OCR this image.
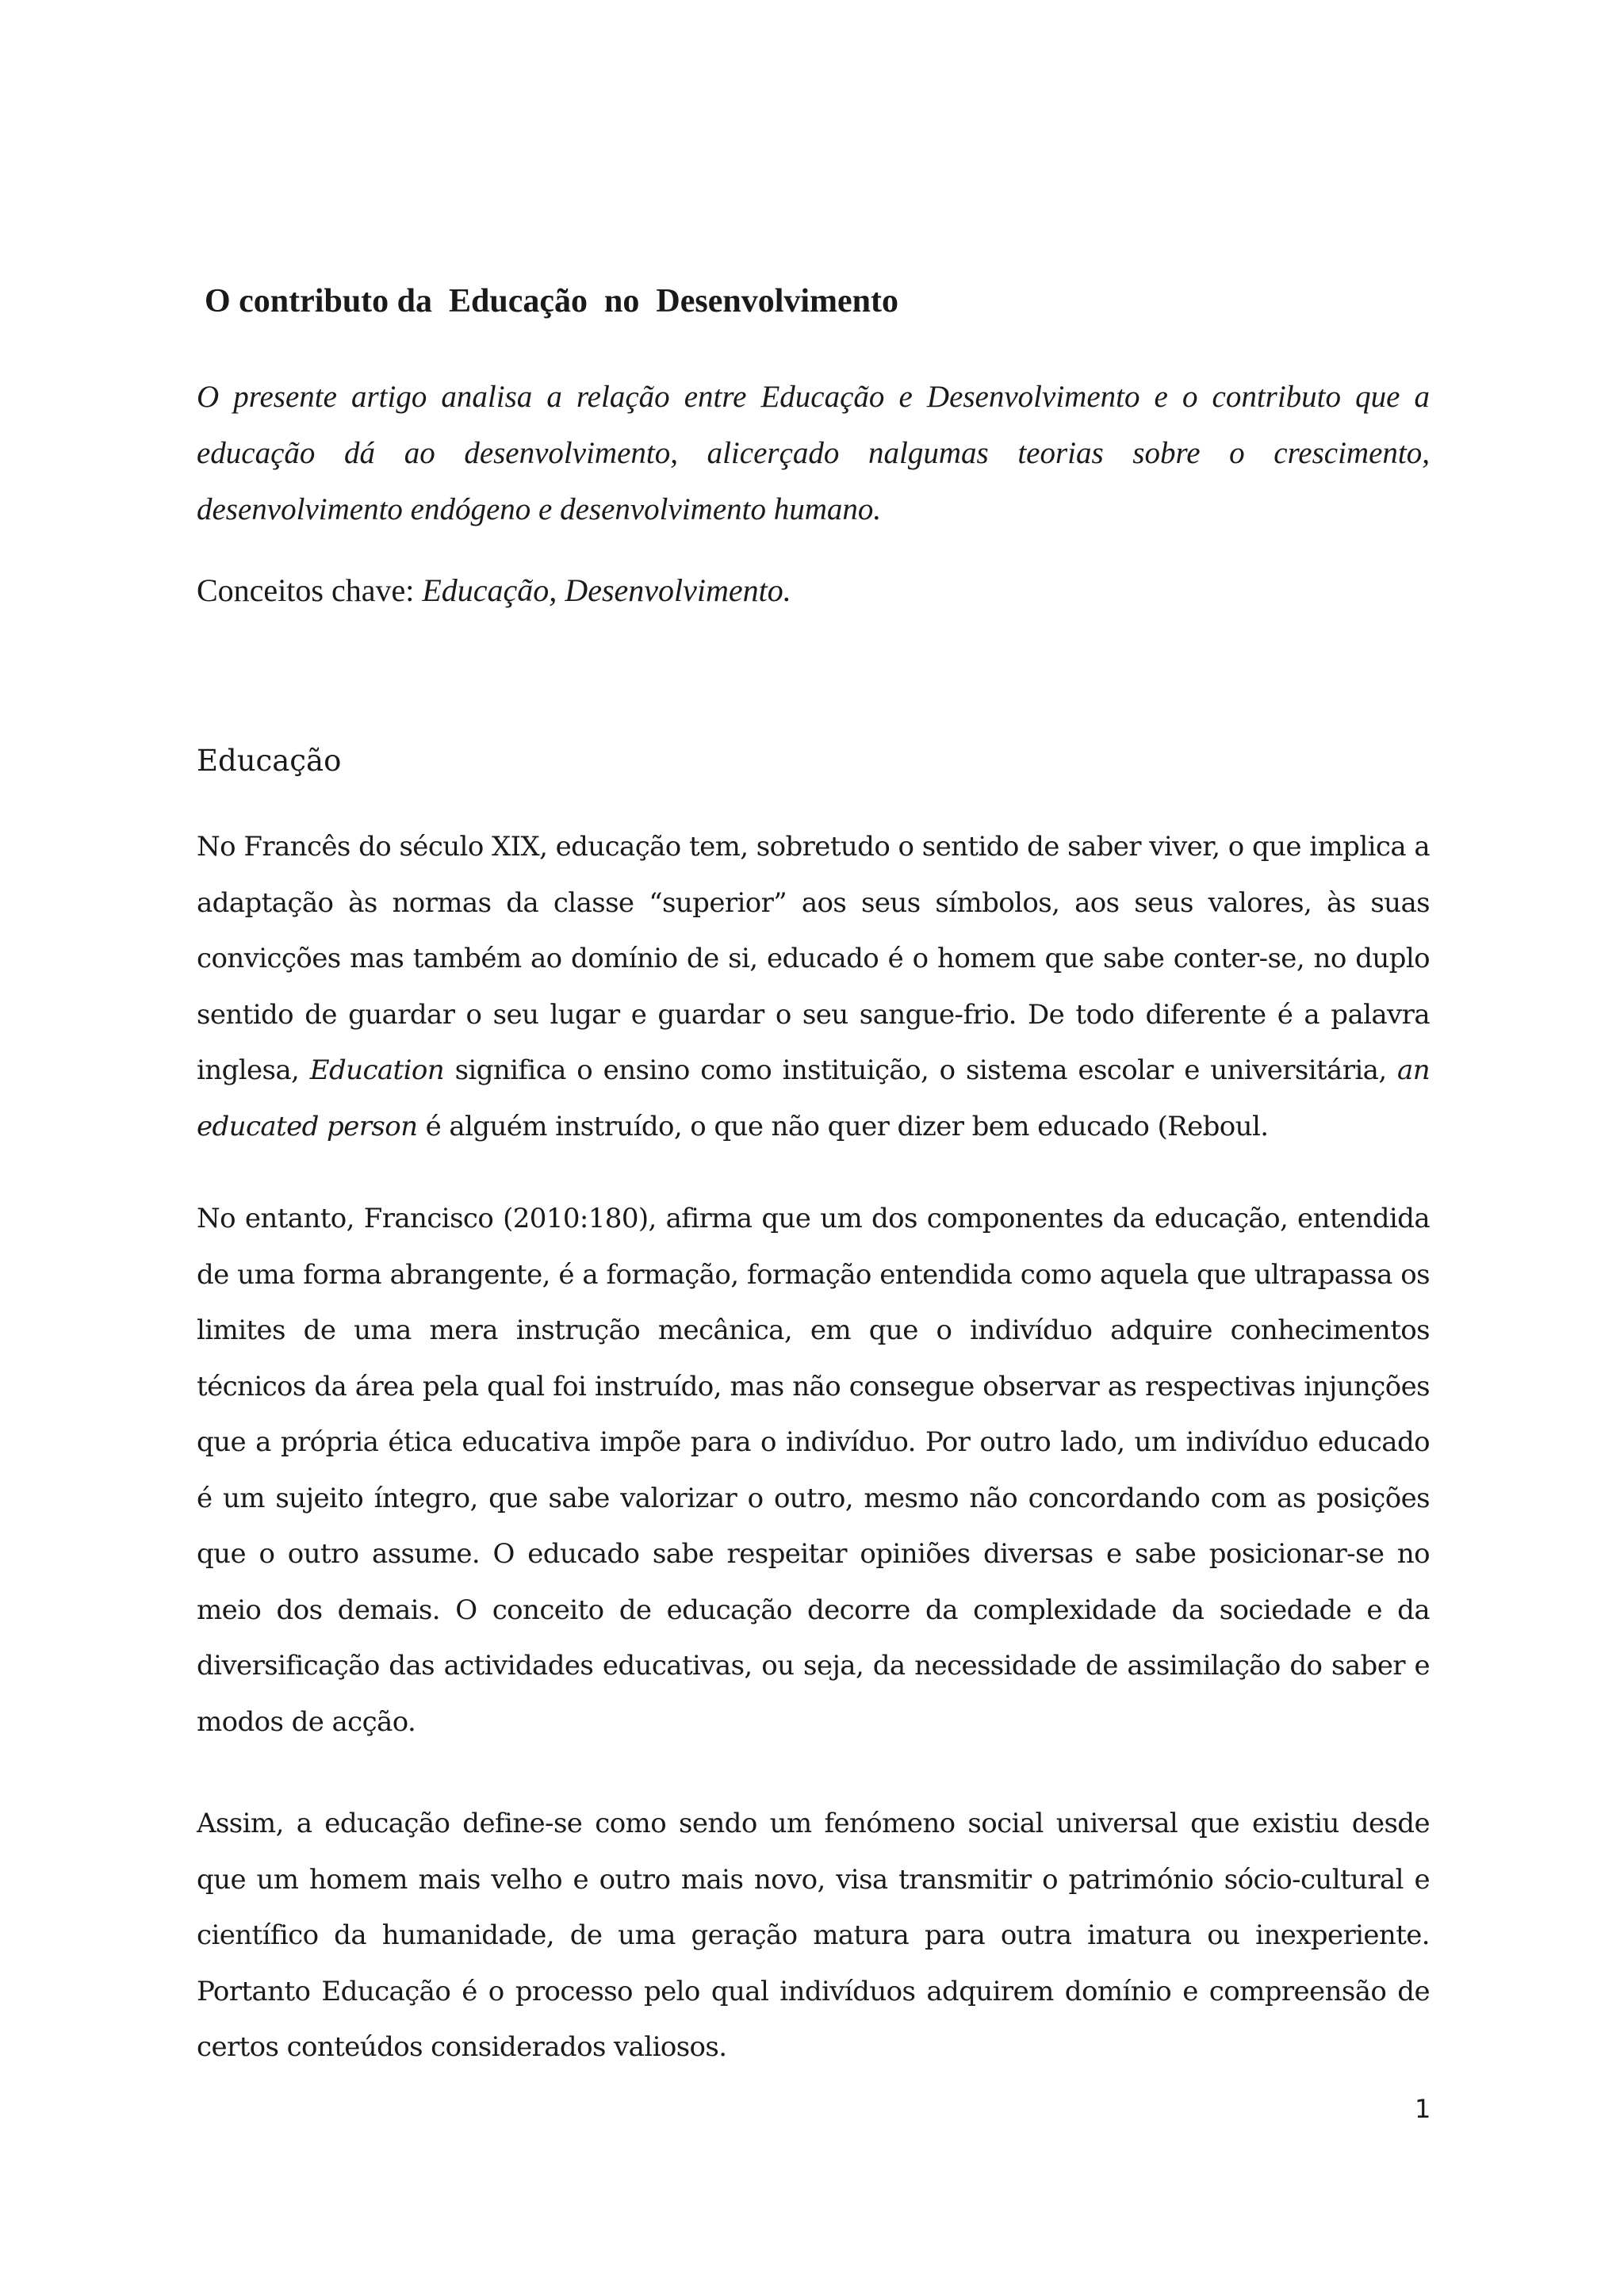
O contributo da  Educação  no  Desenvolvimento

O presente artigo analisa a relação entre Educação e Desenvolvimento e o contributo que a educação dá ao desenvolvimento, alicerçado nalgumas teorias sobre o crescimento, desenvolvimento endógeno e desenvolvimento humano.

Conceitos chave: Educação, Desenvolvimento.

Educação

No Francês do século XIX, educação tem, sobretudo o sentido de saber viver, o que implica a adaptação às normas da classe “superior” aos seus símbolos, aos seus valores, às suas convicções mas também ao domínio de si, educado é o homem que sabe conter-se, no duplo sentido de guardar o seu lugar e guardar o seu sangue-frio. De todo diferente é a palavra inglesa, Education significa o ensino como instituição, o sistema escolar e universitária, an educated person é alguém instruído, o que não quer dizer bem educado (Reboul.

No entanto, Francisco (2010:180), afirma que um dos componentes da educação, entendida de uma forma abrangente, é a formação, formação entendida como aquela que ultrapassa os limites de uma mera instrução mecânica, em que o indivíduo adquire conhecimentos técnicos da área pela qual foi instruído, mas não consegue observar as respectivas injunções que a própria ética educativa impõe para o indivíduo. Por outro lado, um indivíduo educado é um sujeito íntegro, que sabe valorizar o outro, mesmo não concordando com as posições que o outro assume. O educado sabe respeitar opiniões diversas e sabe posicionar-se no meio dos demais. O conceito de educação decorre da complexidade da sociedade e da diversificação das actividades educativas, ou seja, da necessidade de assimilação do saber e modos de acção.

Assim, a educação define-se como sendo um fenómeno social universal que existiu desde que um homem mais velho e outro mais novo, visa transmitir o património sócio-cultural e científico da humanidade, de uma geração matura para outra imatura ou inexperiente. Portanto Educação é o processo pelo qual indivíduos adquirem domínio e compreensão de certos conteúdos considerados valiosos.

1
